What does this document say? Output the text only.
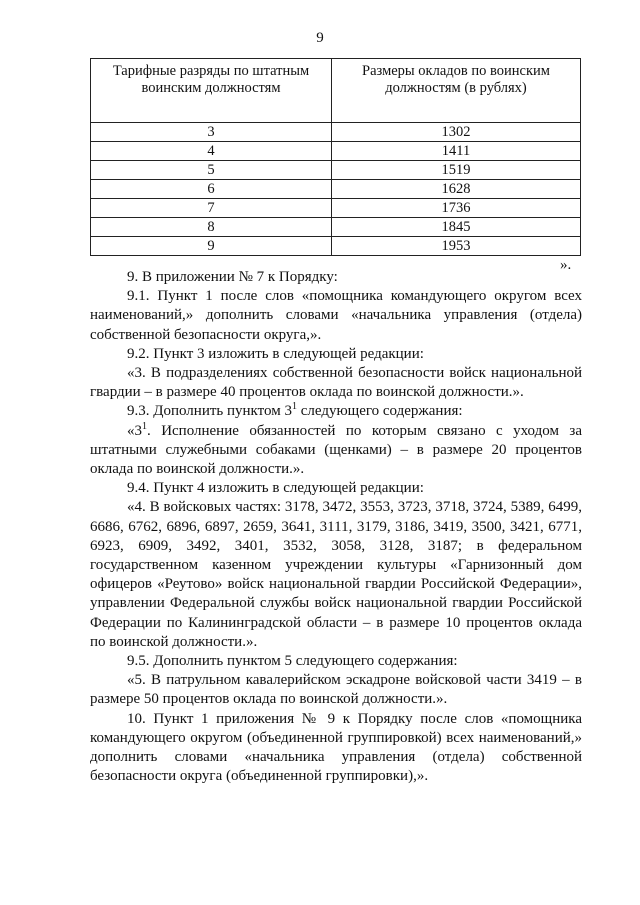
9
Тарифные разряды по штатным воинским должностям	Размеры окладов по воинским должностям (в рублях)
3	1302
4	1411
5	1519
6	1628
7	1736
8	1845
9	1953
».

9. В приложении № 7 к Порядку:

9.1. Пункт 1 после слов «помощника командующего округом всех наименований,» дополнить словами «начальника управления (отдела) собственной безопасности округа,».

9.2. Пункт 3 изложить в следующей редакции:

«3. В подразделениях собственной безопасности войск национальной гвардии – в размере 40 процентов оклада по воинской должности.».

9.3. Дополнить пунктом $3^1$ следующего содержания:

«$3^1$. Исполнение обязанностей по которым связано с уходом за штатными служебными собаками (щенками) – в размере 20 процентов оклада по воинской должности.».

9.4. Пункт 4 изложить в следующей редакции:

«4. В войсковых частях: 3178, 3472, 3553, 3723, 3718, 3724, 5389, 6499, 6686, 6762, 6896, 6897, 2659, 3641, 3111, 3179, 3186, 3419, 3500, 3421, 6771, 6923, 6909, 3492, 3401, 3532, 3058, 3128, 3187; в федеральном государственном казенном учреждении культуры «Гарнизонный дом офицеров «Реутово» войск национальной гвардии Российской Федерации», управлении Федеральной службы войск национальной гвардии Российской Федерации по Калининградской области – в размере 10 процентов оклада по воинской должности.».

9.5. Дополнить пунктом 5 следующего содержания:

«5. В патрульном кавалерийском эскадроне войсковой части 3419 – в размере 50 процентов оклада по воинской должности.».

10. Пункт 1 приложения № 9 к Порядку после слов «помощника командующего округом (объединенной группировкой) всех наименований,» дополнить словами «начальника управления (отдела) собственной безопасности округа (объединенной группировки),».
